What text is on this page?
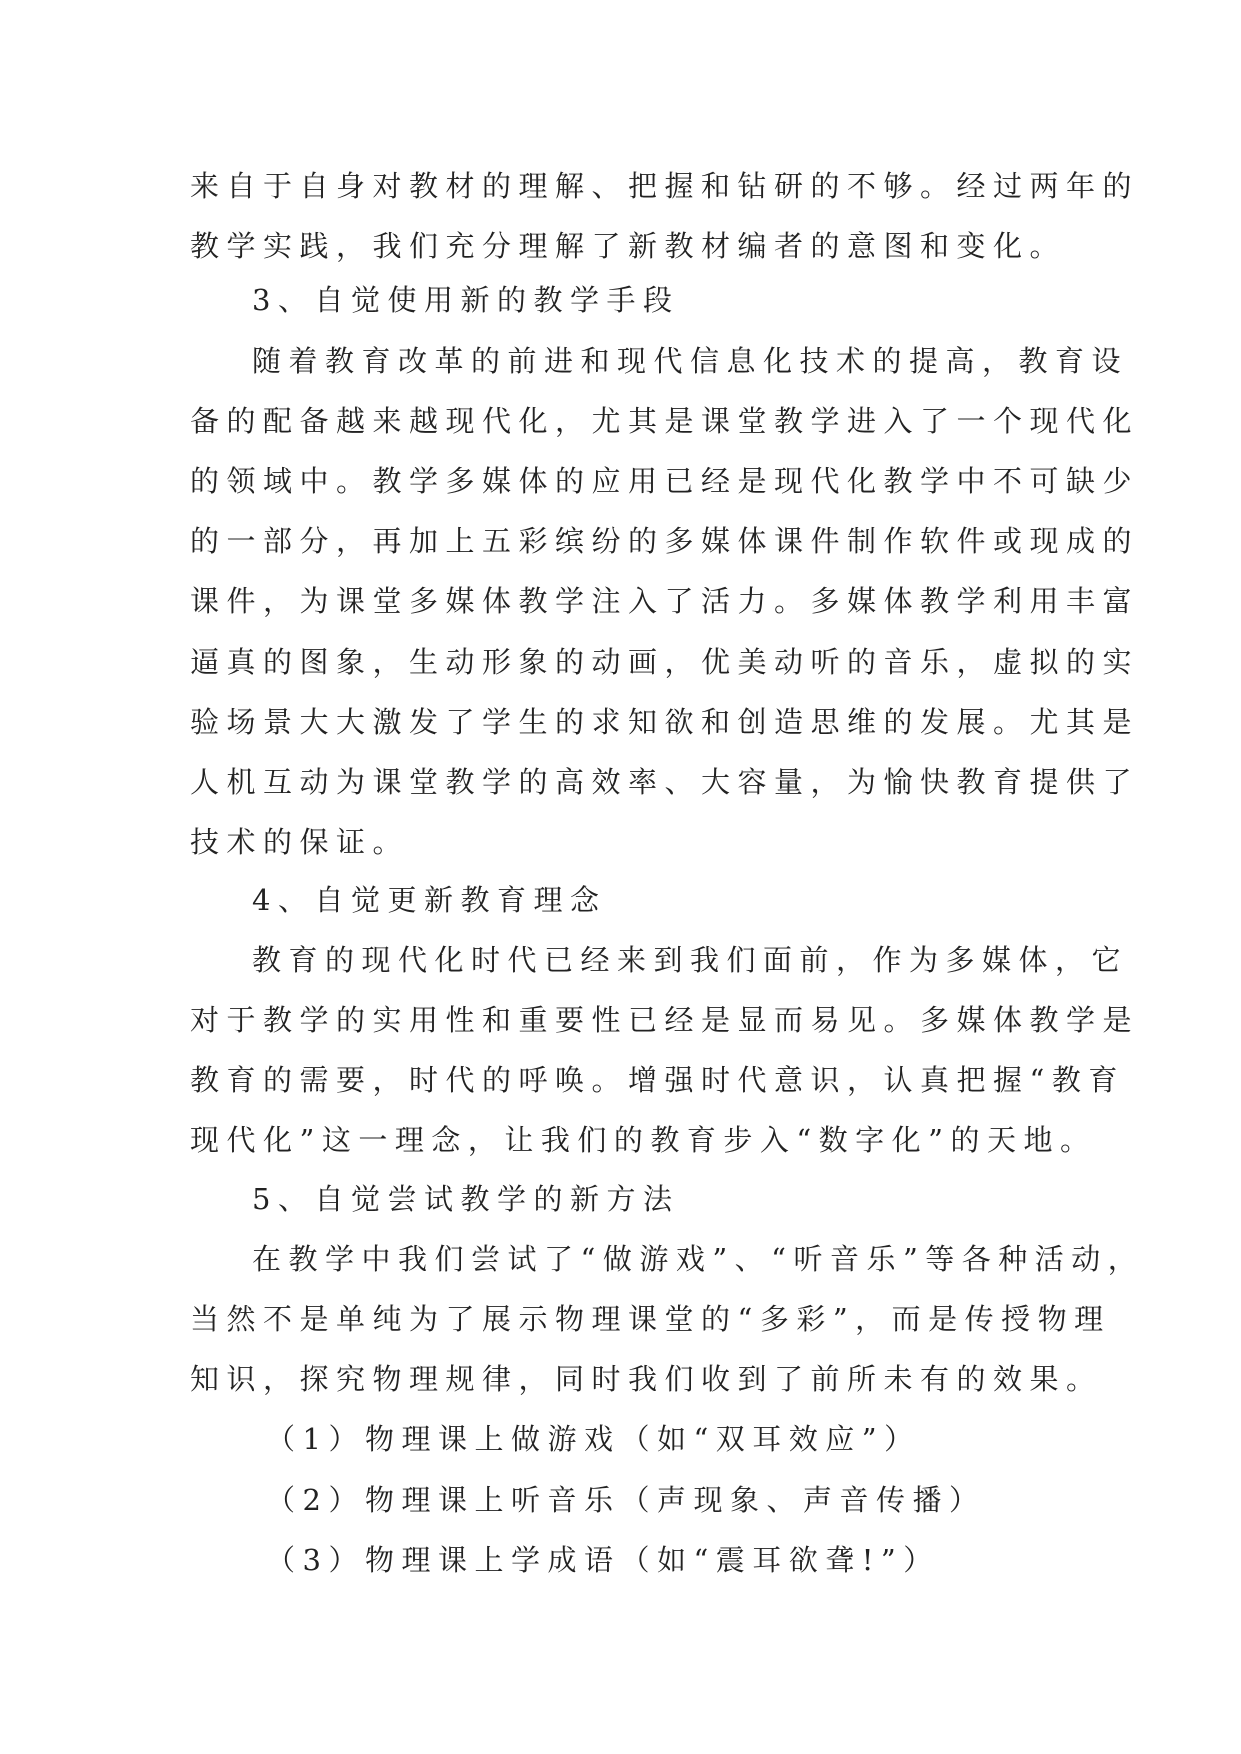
来自于自身对教材的理解、把握和钻研的不够。经过两年的
教学实践，我们充分理解了新教材编者的意图和变化。
3、自觉使用新的教学手段
随着教育改革的前进和现代信息化技术的提高，教育设
备的配备越来越现代化，尤其是课堂教学进入了一个现代化
的领域中。教学多媒体的应用已经是现代化教学中不可缺少
的一部分，再加上五彩缤纷的多媒体课件制作软件或现成的
课件，为课堂多媒体教学注入了活力。多媒体教学利用丰富
逼真的图象，生动形象的动画，优美动听的音乐，虚拟的实
验场景大大激发了学生的求知欲和创造思维的发展。尤其是
人机互动为课堂教学的高效率、大容量，为愉快教育提供了
技术的保证。
4、自觉更新教育理念
教育的现代化时代已经来到我们面前，作为多媒体，它
对于教学的实用性和重要性已经是显而易见。多媒体教学是
教育的需要，时代的呼唤。增强时代意识，认真把握“教育
现代化”这一理念，让我们的教育步入“数字化”的天地。
5、自觉尝试教学的新方法
在教学中我们尝试了“做游戏”、“听音乐”等各种活动，
当然不是单纯为了展示物理课堂的“多彩”，而是传授物理
知识，探究物理规律，同时我们收到了前所未有的效果。
（1）物理课上做游戏（如“双耳效应”）
（2）物理课上听音乐（声现象、声音传播）
（3）物理课上学成语（如“震耳欲聋!”）
